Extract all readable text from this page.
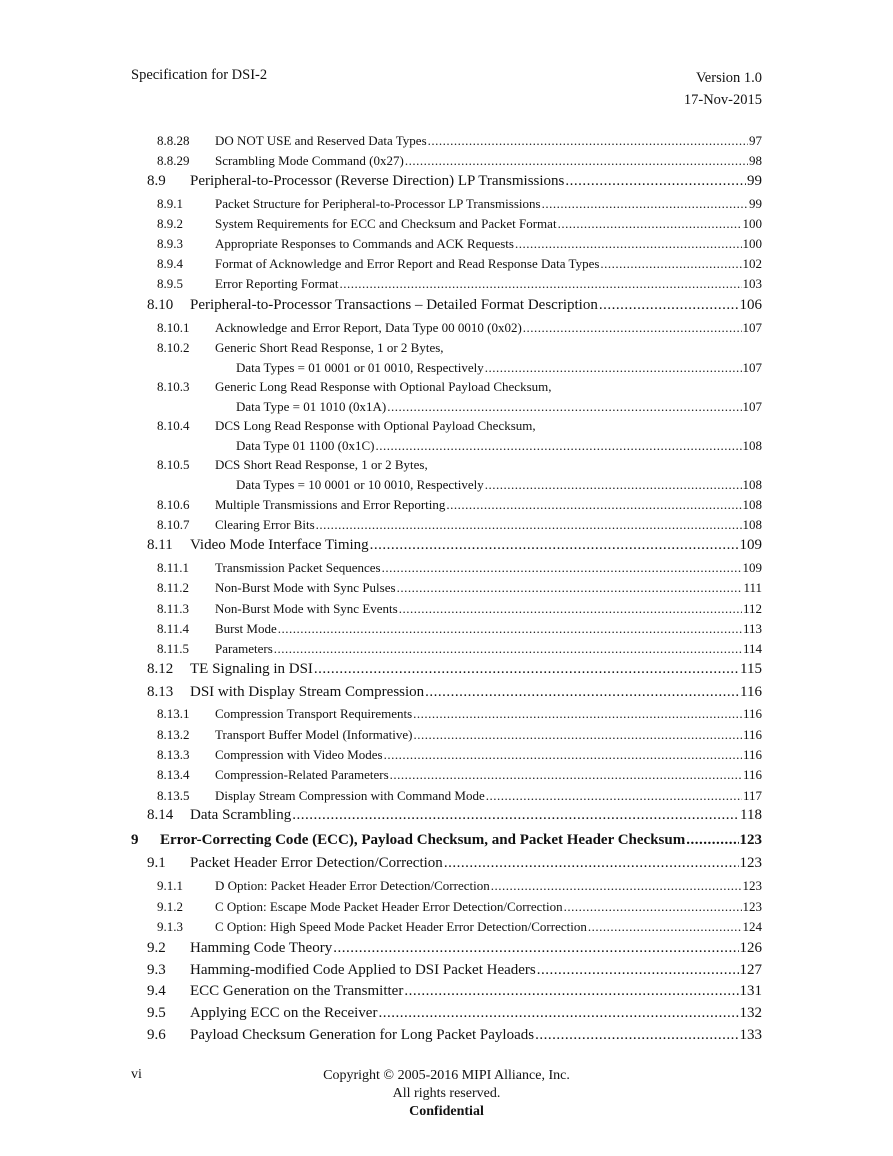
Specification for DSI-2	Version 1.0
17-Nov-2015
8.8.28 DO NOT USE and Reserved Data Types .....	97
8.8.29 Scrambling Mode Command (0x27) .....	98
8.9 Peripheral-to-Processor (Reverse Direction) LP Transmissions .....	99
8.9.1 Packet Structure for Peripheral-to-Processor LP Transmissions .....	99
8.9.2 System Requirements for ECC and Checksum and Packet Format .....	100
8.9.3 Appropriate Responses to Commands and ACK Requests .....	100
8.9.4 Format of Acknowledge and Error Report and Read Response Data Types .....	102
8.9.5 Error Reporting Format .....	103
8.10 Peripheral-to-Processor Transactions – Detailed Format Description .....	106
8.10.1 Acknowledge and Error Report, Data Type 00 0010 (0x02) .....	107
8.10.2 Generic Short Read Response, 1 or 2 Bytes,
Data Types = 01 0001 or 01 0010, Respectively .....	107
8.10.3 Generic Long Read Response with Optional Payload Checksum,
Data Type = 01 1010 (0x1A) .....	107
8.10.4 DCS Long Read Response with Optional Payload Checksum,
Data Type 01 1100 (0x1C) .....	108
8.10.5 DCS Short Read Response, 1 or 2 Bytes,
Data Types = 10 0001 or 10 0010, Respectively .....	108
8.10.6 Multiple Transmissions and Error Reporting .....	108
8.10.7 Clearing Error Bits .....	108
8.11 Video Mode Interface Timing .....	109
8.11.1 Transmission Packet Sequences .....	109
8.11.2 Non-Burst Mode with Sync Pulses .....	111
8.11.3 Non-Burst Mode with Sync Events .....	112
8.11.4 Burst Mode .....	113
8.11.5 Parameters .....	114
8.12 TE Signaling in DSI .....	115
8.13 DSI with Display Stream Compression .....	116
8.13.1 Compression Transport Requirements .....	116
8.13.2 Transport Buffer Model (Informative) .....	116
8.13.3 Compression with Video Modes .....	116
8.13.4 Compression-Related Parameters .....	116
8.13.5 Display Stream Compression with Command Mode .....	117
8.14 Data Scrambling .....	118
9 Error-Correcting Code (ECC), Payload Checksum, and Packet Header Checksum .....	123
9.1 Packet Header Error Detection/Correction .....	123
9.1.1 D Option: Packet Header Error Detection/Correction .....	123
9.1.2 C Option: Escape Mode Packet Header Error Detection/Correction .....	123
9.1.3 C Option: High Speed Mode Packet Header Error Detection/Correction .....	124
9.2 Hamming Code Theory .....	126
9.3 Hamming-modified Code Applied to DSI Packet Headers .....	127
9.4 ECC Generation on the Transmitter .....	131
9.5 Applying ECC on the Receiver .....	132
9.6 Payload Checksum Generation for Long Packet Payloads .....	133
vi	Copyright © 2005-2016 MIPI Alliance, Inc.
All rights reserved.
Confidential
